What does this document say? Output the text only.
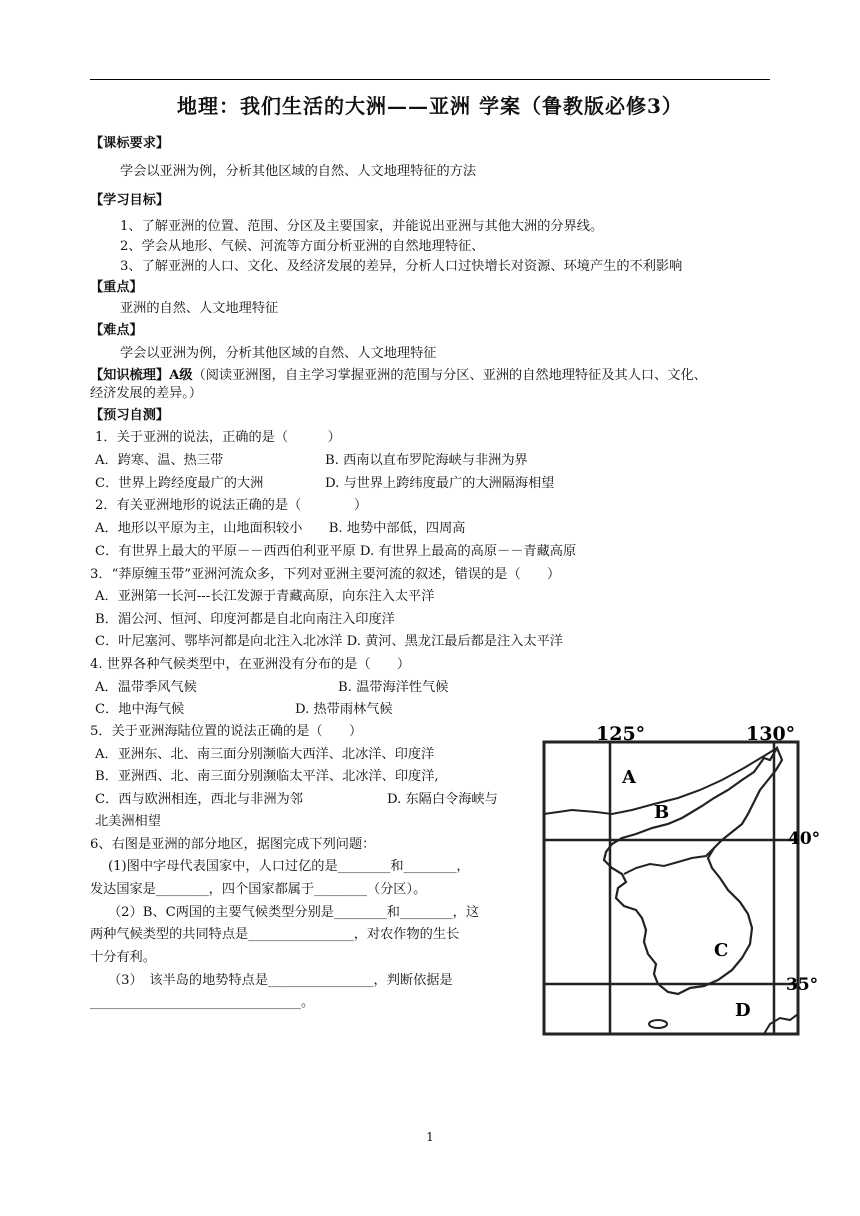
地理：我们生活的大洲——亚洲 学案（鲁教版必修3）
【课标要求】
学会以亚洲为例，分析其他区域的自然、人文地理特征的方法
【学习目标】
1、了解亚洲的位置、范围、分区及主要国家，并能说出亚洲与其他大洲的分界线。
2、学会从地形、气候、河流等方面分析亚洲的自然地理特征、
3、了解亚洲的人口、文化、及经济发展的差异，分析人口过快增长对资源、环境产生的不利影响
【重点】
亚洲的自然、人文地理特征
【难点】
学会以亚洲为例，分析其他区域的自然、人文地理特征
【知识梳理】A级（阅读亚洲图，自主学习掌握亚洲的范围与分区、亚洲的自然地理特征及其人口、文化、
经济发展的差异。）
【预习自测】
1．关于亚洲的说法，正确的是（　　　）
A．跨寒、温、热三带	B. 西南以直布罗陀海峡与非洲为界
C．世界上跨经度最广的大洲	D. 与世界上跨纬度最广的大洲隔海相望
2．有关亚洲地形的说法正确的是（　　　　）
A．地形以平原为主，山地面积较小　　B. 地势中部低，四周高
C．有世界上最大的平原－－西西伯利亚平原 D. 有世界上最高的高原－－青藏高原
3．“莽原缠玉带”亚洲河流众多，下列对亚洲主要河流的叙述，错误的是（　　）
A．亚洲第一长河---长江发源于青藏高原，向东注入太平洋
B．湄公河、恒河、印度河都是自北向南注入印度洋
C．叶尼塞河、鄂毕河都是向北注入北冰洋 D. 黄河、黑龙江最后都是注入太平洋
4. 世界各种气候类型中，在亚洲没有分布的是（　　）
A．温带季风气候	B. 温带海洋性气候
C．地中海气候	D. 热带雨林气候
5．关于亚洲海陆位置的说法正确的是（　　）
A．亚洲东、北、南三面分别濒临大西洋、北冰洋、印度洋
B．亚洲西、北、南三面分别濒临太平洋、北冰洋、印度洋,
C．西与欧洲相连，西北与非洲为邻	D. 东隔白令海峡与
北美洲相望
6、右图是亚洲的部分地区，据图完成下列问题：
(1)图中字母代表国家中，人口过亿的是________和________，
发达国家是________，四个国家都属于________（分区）。
（2）B、C两国的主要气候类型分别是________和________，这
两种气候类型的共同特点是________________，对农作物的生长
十分有利。
（3）　该半岛的地势特点是________________，判断依据是
________________________________。
125°	130°
40°
35°
A
B
C
D
1
